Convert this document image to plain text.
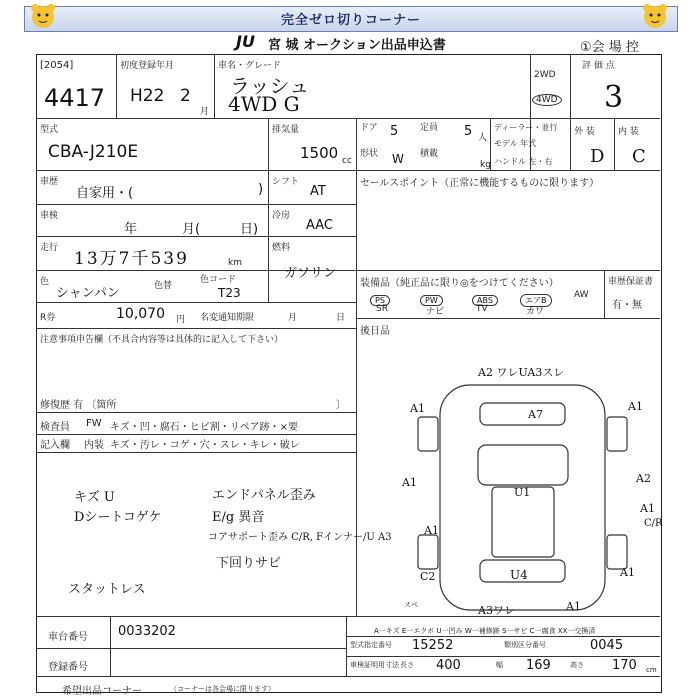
完全ゼロ切りコーナー
JU 宮 城 オークション出品申込書	①会 場 控
[2054]
4417
初度登録年月
H22 2
月
車名・グレード
ラッシュ
4WD G
2WD
4WD
評 価 点
3
外 装	内 装
D C
型式
CBA-J210E
排気量
1500 cc
ドア 5 定員 5 人
形状 W 積載
kg
ディーラー・並行
モデル 年式
ハンドル 左・右
車歴
自家用・(	) シフト
AT
車検
年	月(	日)
冷房
AAC
走行
13万7千539	km
燃料
ガソリン
色
シャンパン	色替
色コード
T23
R券	10,070 円 名変通知期限	月	日
注意事項申告欄（不具合内容等は具体的に記入して下さい）
修復歴 有 〔箇所	〕
検査員 FW キズ・凹・腐石・ヒビ割・リペア跡・×要
記入欄 内装 キズ・汚レ・コゲ・穴・スレ・キレ・破レ
キズ U
Dシートコゲケ
スタットレス
エンドパネル歪み
E/g 異音
コアサポート歪み C/R, Fインナー/U A3
下回りサビ
セールスポイント（正常に機能するものに限ります）
装備品（純正品に限り◎をつけてください）
PS	PW	ABS	エアB
AW
SR	ナビ	TV	カワ
車歴保証書
有・無
後日品
A2 ワレUA3スレ
A1	A1
A7
A1
U1
A2
A1
C/R
A1
A1
C2	U4
A3ワレ	A1
スペ
A一キズ E一エクボ U一凹み W一補修跡 S一サビ C一腐食 XX一交換済
車台番号 0033202
登録番号
型式指定番号 15252	類別区分番号	0045
車検証明用寸法 長さ 400	幅 169	高さ 170 cm
希望出品コーナー	（コーナーは各会場に限ります）
